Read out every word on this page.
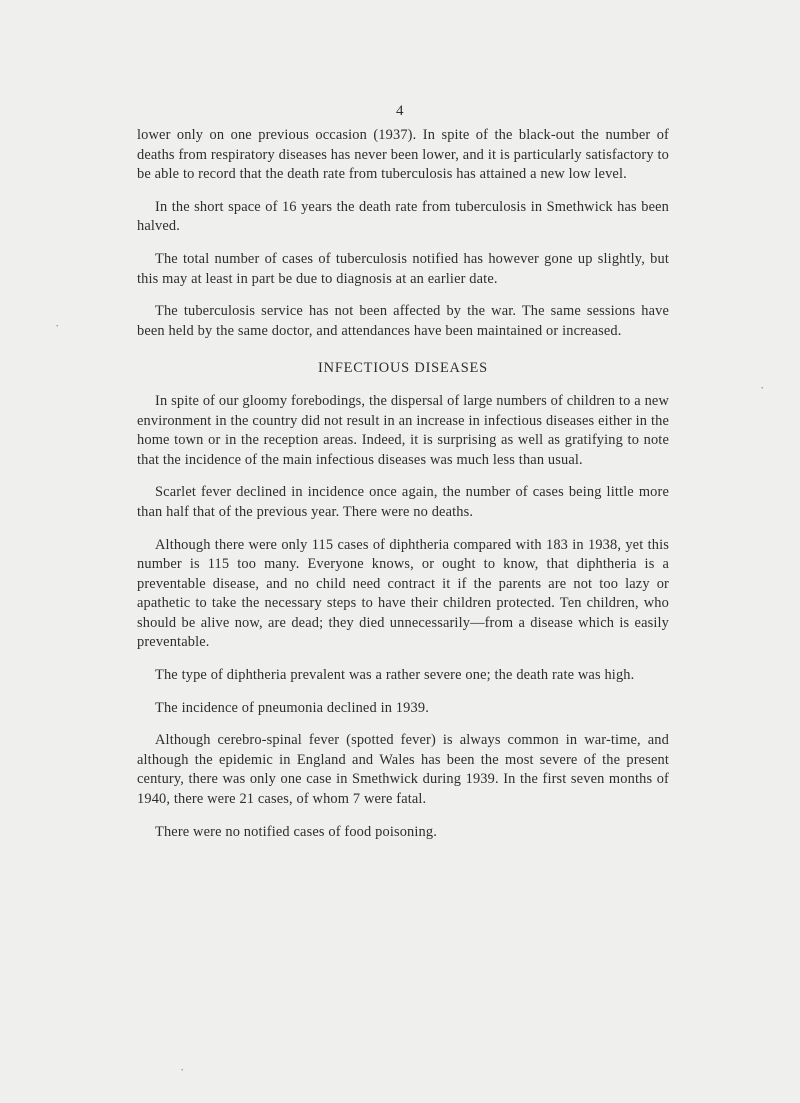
4

lower only on one previous occasion (1937). In spite of the black-out the number of deaths from respiratory diseases has never been lower, and it is particularly satisfactory to be able to record that the death rate from tuberculosis has attained a new low level.

In the short space of 16 years the death rate from tuberculosis in Smethwick has been halved.

The total number of cases of tuberculosis notified has however gone up slightly, but this may at least in part be due to diagnosis at an earlier date.

The tuberculosis service has not been affected by the war. The same sessions have been held by the same doctor, and attendances have been maintained or increased.

INFECTIOUS DISEASES

In spite of our gloomy forebodings, the dispersal of large numbers of children to a new environment in the country did not result in an increase in infectious diseases either in the home town or in the reception areas. Indeed, it is surprising as well as gratifying to note that the incidence of the main infectious diseases was much less than usual.

Scarlet fever declined in incidence once again, the number of cases being little more than half that of the previous year. There were no deaths.

Although there were only 115 cases of diphtheria compared with 183 in 1938, yet this number is 115 too many. Everyone knows, or ought to know, that diphtheria is a preventable disease, and no child need contract it if the parents are not too lazy or apathetic to take the necessary steps to have their children protected. Ten children, who should be alive now, are dead; they died unnecessarily—from a disease which is easily preventable.

The type of diphtheria prevalent was a rather severe one; the death rate was high.

The incidence of pneumonia declined in 1939.

Although cerebro-spinal fever (spotted fever) is always common in war-time, and although the epidemic in England and Wales has been the most severe of the present century, there was only one case in Smethwick during 1939. In the first seven months of 1940, there were 21 cases, of whom 7 were fatal.

There were no notified cases of food poisoning.

·
·
·
